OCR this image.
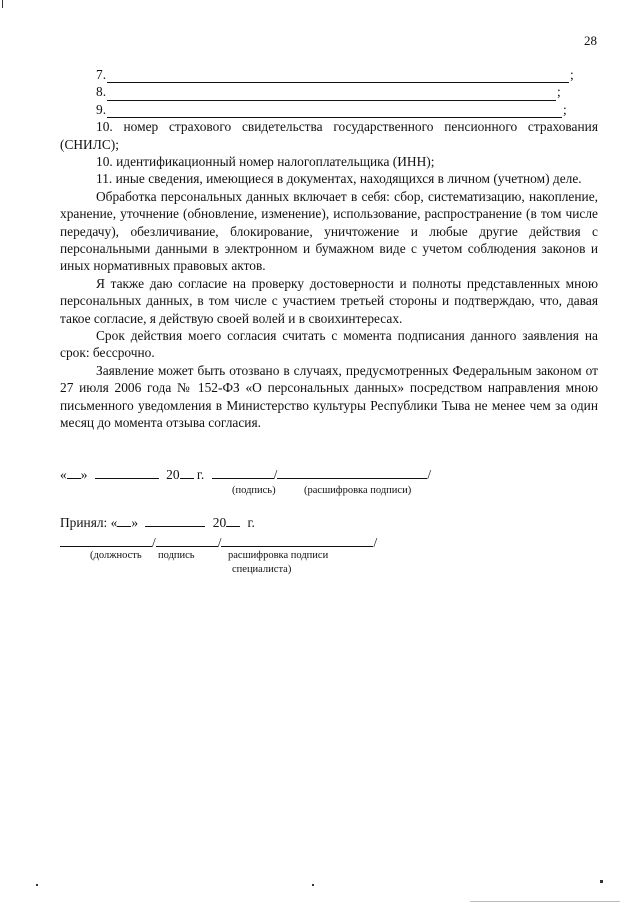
28
7.	;
8.	;
9.	;

10. номер страхового свидетельства государственного пенсионного страхования (СНИЛС);

10. идентификационный номер налогоплательщика (ИНН);

11. иные сведения, имеющиеся в документах, находящихся в личном (учетном) деле.

Обработка персональных данных включает в себя: сбор, систематизацию, накопление, хранение, уточнение (обновление, изменение), использование, распространение (в том числе передачу), обезличивание, блокирование, уничтожение и любые другие действия с персональными данными в электронном и бумажном виде с учетом соблюдения законов и иных нормативных правовых актов.

Я также даю согласие на проверку достоверности и полноты представленных мною персональных данных, в том числе с участием третьей стороны и подтверждаю, что, давая такое согласие, я действую своей волей и в своихинтересах.

Срок действия моего согласия считать с момента подписания данного заявления на срок: бессрочно.

Заявление может быть отозвано в случаях, предусмотренных Федеральным законом от 27 июля 2006 года № 152-ФЗ «О персональных данных» посредством направления мною письменного уведомления в Министерство культуры Республики Тыва не менее чем за один месяц до момента отзыва согласия.

« »	20 г.	/	/
(подпись)	(расшифровка подписи)
Принял: « »	20 г.
/	/	/
(должность подпись	расшифровка подписи
специалиста)
